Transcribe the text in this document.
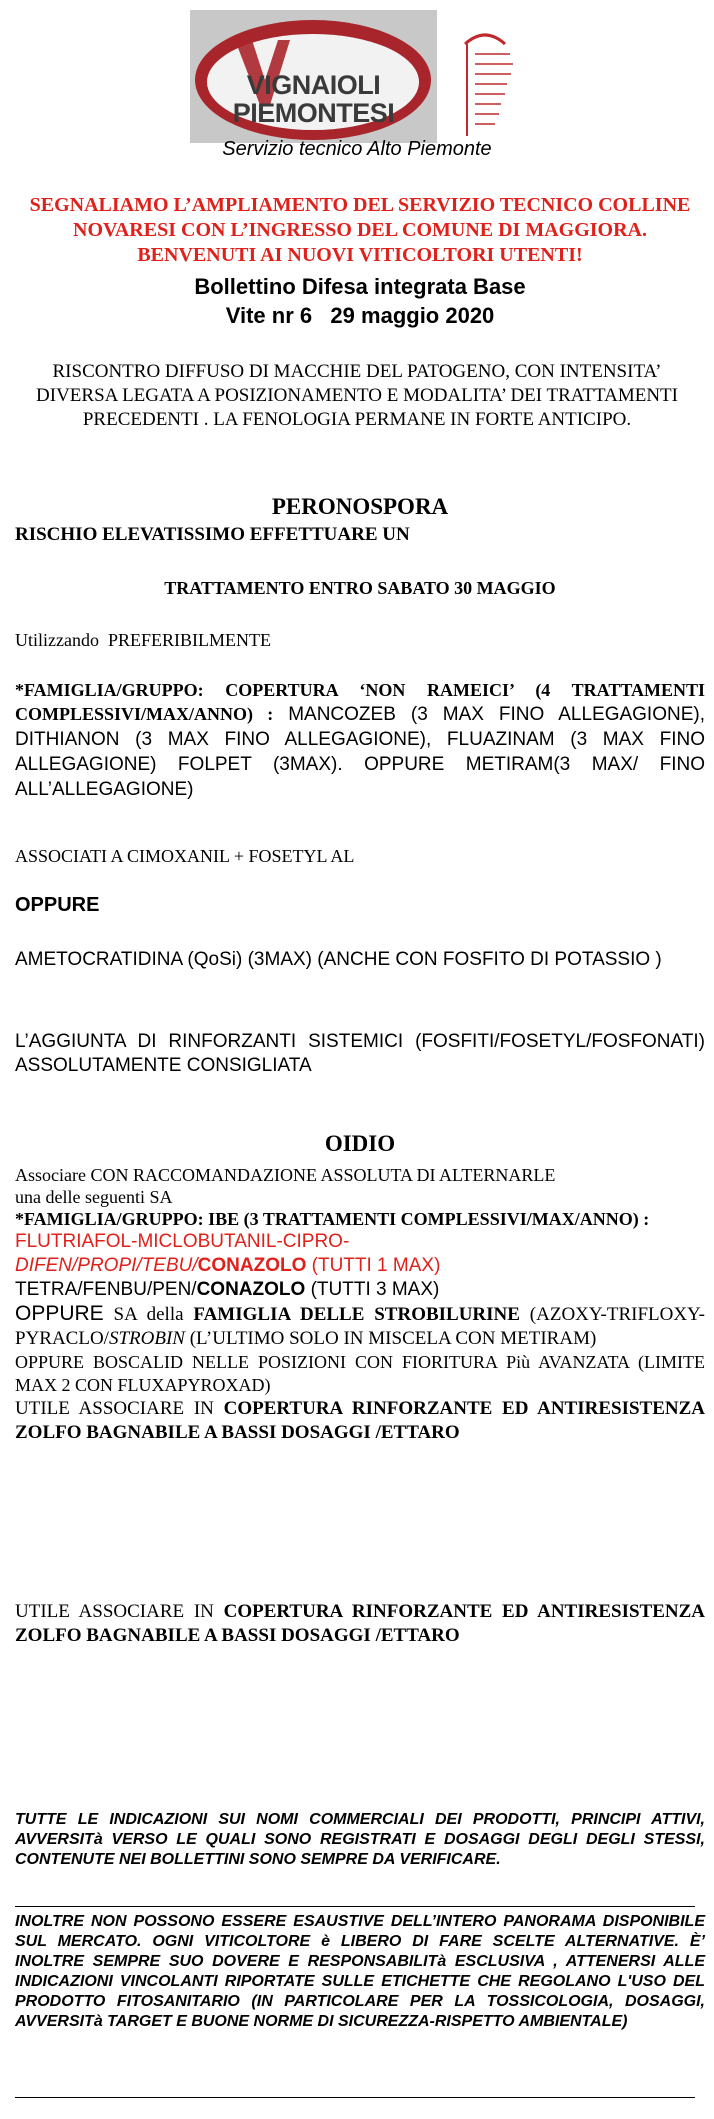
VIGNAIOLI
PIEMONTESI
Servizio tecnico Alto Piemonte
SEGNALIAMO L’AMPLIAMENTO DEL SERVIZIO TECNICO COLLINE NOVARESI CON L’INGRESSO DEL COMUNE DI MAGGIORA. BENVENUTI AI NUOVI VITICOLTORI UTENTI!
Bollettino Difesa integrata Base
Vite nr 6   29 maggio 2020
RISCONTRO DIFFUSO DI MACCHIE DEL PATOGENO, CON INTENSITA’ DIVERSA LEGATA A POSIZIONAMENTO E MODALITA’ DEI TRATTAMENTI PRECEDENTI . LA FENOLOGIA PERMANE IN FORTE ANTICIPO.
PERONOSPORA
RISCHIO ELEVATISSIMO EFFETTUARE UN
TRATTAMENTO ENTRO SABATO 30 MAGGIO
Utilizzando  PREFERIBILMENTE
*FAMIGLIA/GRUPPO: COPERTURA ‘NON RAMEICI’ (4 TRATTAMENTI COMPLESSIVI/MAX/ANNO) : MANCOZEB (3 MAX FINO ALLEGAGIONE), DITHIANON (3 MAX FINO ALLEGAGIONE), FLUAZINAM (3 MAX FINO ALLEGAGIONE) FOLPET (3MAX). OPPURE METIRAM(3 MAX/ FINO ALL’ALLEGAGIONE)
ASSOCIATI A CIMOXANIL + FOSETYL AL
OPPURE
AMETOCRATIDINA (QoSi) (3MAX) (ANCHE CON FOSFITO DI POTASSIO )
L’AGGIUNTA DI RINFORZANTI SISTEMICI (FOSFITI/FOSETYL/FOSFONATI) ASSOLUTAMENTE CONSIGLIATA
OIDIO
Associare CON RACCOMANDAZIONE ASSOLUTA DI ALTERNARLE una delle seguenti SA
*FAMIGLIA/GRUPPO: IBE (3 TRATTAMENTI COMPLESSIVI/MAX/ANNO) :
FLUTRIAFOL-MICLOBUTANIL-CIPRO-
DIFEN/PROPI/TEBU/CONAZOLO (TUTTI 1 MAX)
TETRA/FENBU/PEN/CONAZOLO (TUTTI 3 MAX)
OPPURE SA della FAMIGLIA DELLE STROBILURINE (AZOXY-TRIFLOXY-PYRACLO/STROBIN (L’ULTIMO SOLO IN MISCELA CON METIRAM)
OPPURE BOSCALID NELLE POSIZIONI CON FIORITURA Più AVANZATA (LIMITE MAX 2 CON FLUXAPYROXAD)
UTILE ASSOCIARE IN COPERTURA RINFORZANTE ED ANTIRESISTENZA ZOLFO BAGNABILE A BASSI DOSAGGI /ETTARO
UTILE ASSOCIARE IN COPERTURA RINFORZANTE ED ANTIRESISTENZA ZOLFO BAGNABILE A BASSI DOSAGGI /ETTARO
TUTTE LE INDICAZIONI SUI NOMI COMMERCIALI DEI PRODOTTI, PRINCIPI ATTIVI, AVVERSITà VERSO LE QUALI SONO REGISTRATI E DOSAGGI DEGLI DEGLI STESSI, CONTENUTE NEI BOLLETTINI SONO SEMPRE DA VERIFICARE.
INOLTRE NON POSSONO ESSERE ESAUSTIVE DELL’INTERO PANORAMA DISPONIBILE SUL MERCATO. OGNI VITICOLTORE è LIBERO DI FARE SCELTE ALTERNATIVE. È’ INOLTRE SEMPRE SUO DOVERE E RESPONSABILITà ESCLUSIVA , ATTENERSI ALLE INDICAZIONI VINCOLANTI RIPORTATE SULLE ETICHETTE CHE REGOLANO L'USO DEL PRODOTTO FITOSANITARIO (IN PARTICOLARE PER LA TOSSICOLOGIA, DOSAGGI, AVVERSITà TARGET E BUONE NORME DI SICUREZZA-RISPETTO AMBIENTALE)
